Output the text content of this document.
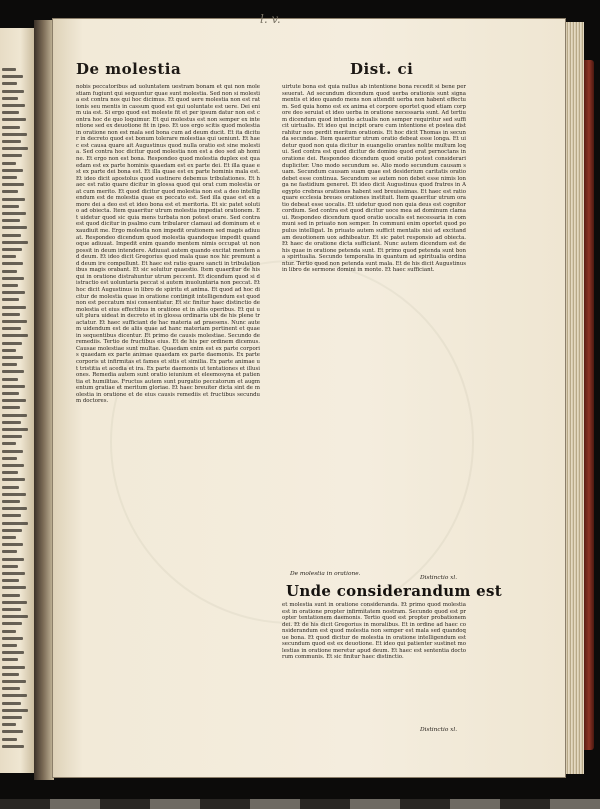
l. v.
De molestia	Dist. ci
nobis peccatoribus ad uoluntatem uestram bonam et qui non molestiam fugiunt qui sequuntur quae sunt molestia. Sed non si molestia est contra nos qui hoc dicimus. Et quod uere molestia non est rationis seu mentis in cassum quod est qui uoluntate est uere. Dei enim uia est. Si ergo quod est moleste fit et per ipsum datur non est contra hoc de quo loquimur. Et qui molestus est non semper ex intentione sed ex deuotione fit in ipso. Et uos ergo scitis quod molestia in oratione non est mala sed bona cum ad deum ducit. Et ita dicitur in decreto quod est bonum tolerare molestias qui ueniunt. Et haec est causa quare ait Augustinus quod nulla oratio est sine molestia. Sed contra hoc dicitur quod molestia non est a deo sed ab homine. Et ergo non est bona. Respondeo quod molestia duplex est quaedam est ex parte hominis quaedam est ex parte dei. Et illa quae est ex parte dei bona est. Et illa quae est ex parte hominis mala est. Et ideo dicit apostolus quod sustinere debemus tribulationes. Et haec est ratio quare dicitur in glossa quod qui orat cum molestia orat cum merito. Et quod dicitur quod molestia non est a deo intelligendum est de molestia quae ex peccato est. Sed illa quae est ex amore dei a deo est et ideo bona est et meritoria. Et sic patet solutio ad obiecta. Item quaeritur utrum molestia impediat orationem. Et uidetur quod sic quia mens turbata non potest orare. Sed contra est quod dicitur in psalmo cum tribularer clamaui ad dominum et exaudiuit me. Ergo molestia non impedit orationem sed magis adiuuat. Respondeo dicendum quod molestia quandoque impedit quandoque adiuuat. Impedit enim quando mentem nimis occupat ut non possit in deum intendere. Adiuuat autem quando excitat mentem ad deum. Et ideo dicit Gregorius quod mala quae nos hic premunt ad deum ire compellunt. Et haec est ratio quare sancti in tribulationibus magis orabant. Et sic soluitur quaestio. Item quaeritur de his qui in oratione distrahuntur utrum peccent. Et dicendum quod si distractio est uoluntaria peccat si autem inuoluntaria non peccat. Et hoc dicit Augustinus in libro de spiritu et anima. Et quod ad hoc dicitur de molestia quae in oratione contingit intelligendum est quod non est peccatum nisi consentiatur. Et sic finitur haec distinctio de molestia et eius effectibus in oratione et in aliis operibus. Et qui uult plura uideat in decreto et in glossa ordinaria ubi de his plene tractatur. Et haec sufficiant de hac materia ad praesens. Nunc autem uidendum est de aliis quae ad hanc materiam pertinent et quae in sequentibus dicentur. Et primo de causis molestiae. Secundo de remediis. Tertio de fructibus eius. Et de his per ordinem dicemus. Causae molestiae sunt multae. Quaedam enim est ex parte corporis quaedam ex parte animae quaedam ex parte daemonis. Ex parte corporis ut infirmitas et fames et sitis et similia. Ex parte animae ut tristitia et acedia et ira. Ex parte daemonis ut tentationes et illusiones. Remedia autem sunt oratio ieiunium et eleemosyna et patientia et humilitas. Fructus autem sunt purgatio peccatorum et augmentum gratiae et meritum gloriae. Et haec breuiter dicta sint de molestia in oratione et de eius causis remediis et fructibus secundum doctores.
uirtute bona est quia nullus ab intentione bona recedit si bene perseuerat. Ad secundum dicendum quod uerba orationis sunt signa mentis et ideo quando mens non attendit uerba non habent effectum. Sed quia homo est ex anima et corpore oportet quod etiam corpore deo seruiat et ideo uerba in oratione necessaria sunt. Ad tertium dicendum quod intentio actualis non semper requiritur sed sufficit uirtualis. Et ideo qui incipit orare cum intentione et postea distrahitur non perdit meritum orationis. Et hoc dicit Thomas in secunda secundae. Item quaeritur utrum oratio debeat esse longa. Et uidetur quod non quia dicitur in euangelio orantes nolite multum loqui. Sed contra est quod dicitur de domino quod erat pernoctans in oratione dei. Respondeo dicendum quod oratio potest considerari dupliciter. Uno modo secundum se. Alio modo secundum causam suam. Secundum causam suam quae est desiderium caritatis oratio debet esse continua. Secundum se autem non debet esse nimis longa ne fastidium generet. Et ideo dicit Augustinus quod fratres in Aegypto crebras orationes habent sed breuissimas. Et haec est ratio quare ecclesia breues orationes instituit. Item quaeritur utrum oratio debeat esse uocalis. Et uidetur quod non quia deus est cognitor cordium. Sed contra est quod dicitur uoce mea ad dominum clamaui. Respondeo dicendum quod oratio uocalis est necessaria in communi sed in priuato non semper. In communi enim oportet quod populus intelligat. In priuato autem sufficit mentalis nisi ad excitandam deuotionem uox adhibeatur. Et sic patet responsio ad obiecta. Et haec de oratione dicta sufficiant. Nunc autem dicendum est de his quae in oratione petenda sunt. Et primo quod petenda sunt bona spiritualia. Secundo temporalia in quantum ad spiritualia ordinantur. Tertio quod non petenda sunt mala. Et de his dicit Augustinus in libro de sermone domini in monte. Et haec sufficiant.
De molestia in oratione.
Distinctio xl.
Unde considerandum est
et molestia sunt in oratione consideranda. Et primo quod molestia est in oratione propter infirmitatem nostram. Secundo quod est propter tentationem daemonis. Tertio quod est propter probationem dei. Et de his dicit Gregorius in moralibus. Et in ordine ad haec considerandum est quod molestia non semper est mala sed quandoque bona. Et quod dicitur de molestia in oratione intelligendum est secundum quod est ex deuotione. Et ideo qui patienter sustinet molestias in oratione meretur apud deum. Et haec est sententia doctorum communis. Et sic finitur haec distinctio.
Distinctio xl.
